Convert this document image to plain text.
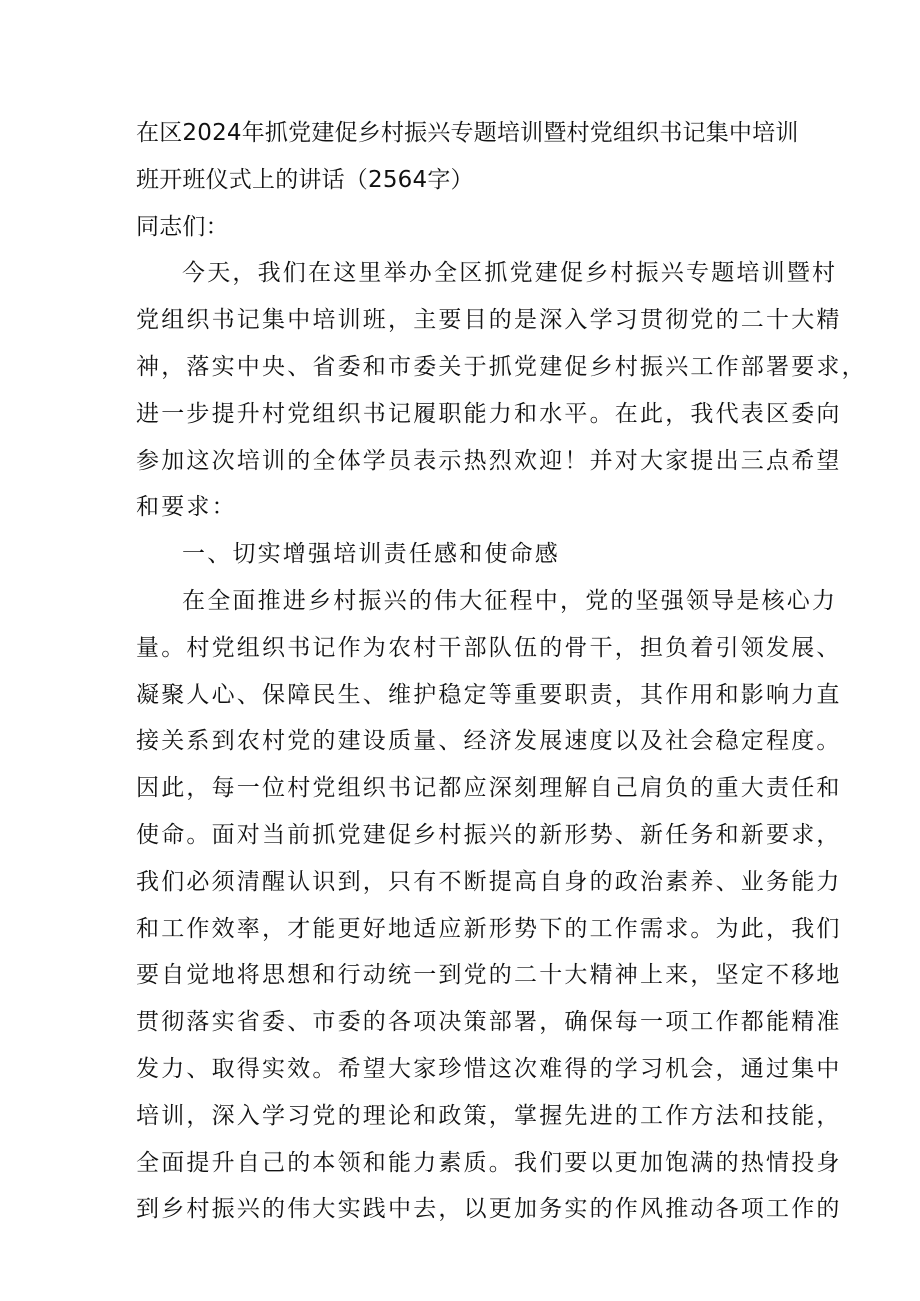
在区2024年抓党建促乡村振兴专题培训暨村党组织书记集中培训
班开班仪式上的讲话（2564字）
同志们：
今天，我们在这里举办全区抓党建促乡村振兴专题培训暨村
党组织书记集中培训班，主要目的是深入学习贯彻党的二十大精
神，落实中央、省委和市委关于抓党建促乡村振兴工作部署要求，
进一步提升村党组织书记履职能力和水平。在此，我代表区委向
参加这次培训的全体学员表示热烈欢迎！并对大家提出三点希望
和要求：
一、切实增强培训责任感和使命感
在全面推进乡村振兴的伟大征程中，党的坚强领导是核心力
量。村党组织书记作为农村干部队伍的骨干，担负着引领发展、
凝聚人心、保障民生、维护稳定等重要职责，其作用和影响力直
接关系到农村党的建设质量、经济发展速度以及社会稳定程度。
因此，每一位村党组织书记都应深刻理解自己肩负的重大责任和
使命。面对当前抓党建促乡村振兴的新形势、新任务和新要求，
我们必须清醒认识到，只有不断提高自身的政治素养、业务能力
和工作效率，才能更好地适应新形势下的工作需求。为此，我们
要自觉地将思想和行动统一到党的二十大精神上来，坚定不移地
贯彻落实省委、市委的各项决策部署，确保每一项工作都能精准
发力、取得实效。希望大家珍惜这次难得的学习机会，通过集中
培训，深入学习党的理论和政策，掌握先进的工作方法和技能，
全面提升自己的本领和能力素质。我们要以更加饱满的热情投身
到乡村振兴的伟大实践中去，以更加务实的作风推动各项工作的
